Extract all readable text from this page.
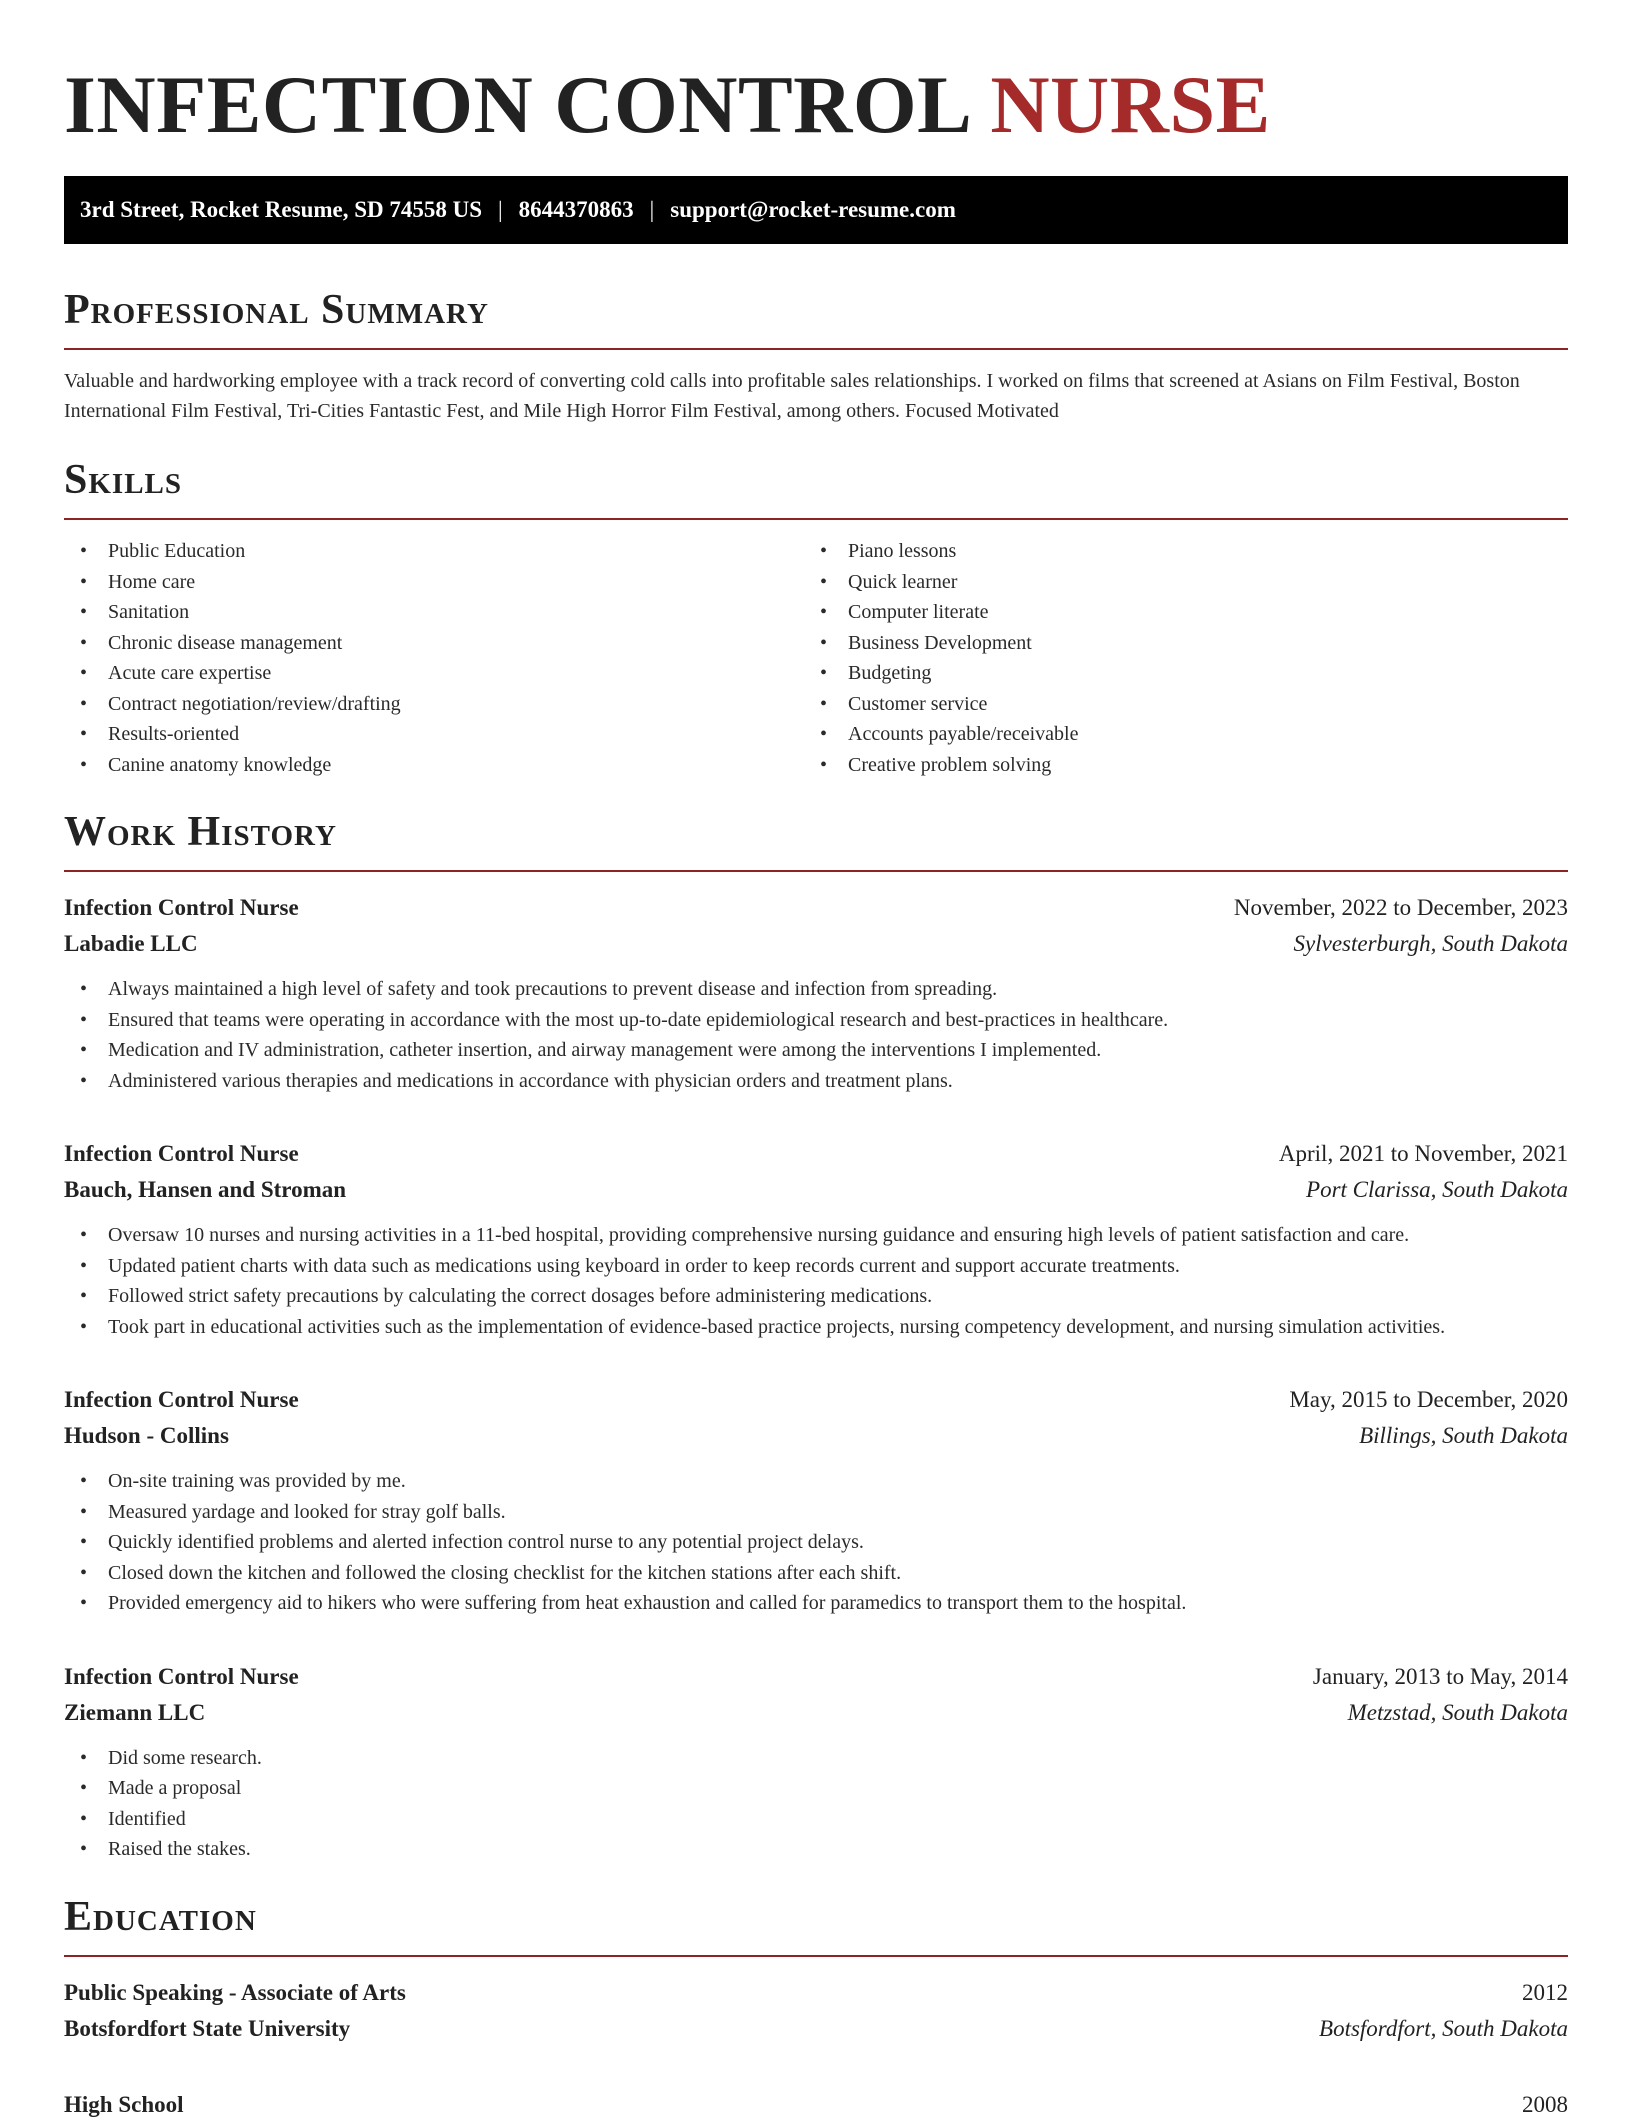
INFECTION CONTROL NURSE
3rd Street, Rocket Resume, SD 74558 US | 8644370863 | support@rocket-resume.com
Professional Summary

Valuable and hardworking employee with a track record of converting cold calls into profitable sales relationships. I worked on films that screened at Asians on Film Festival, Boston International Film Festival, Tri-Cities Fantastic Fest, and Mile High Horror Film Festival, among others. Focused Motivated

Skills
• Public Education
• Home care
• Sanitation
• Chronic disease management
• Acute care expertise
• Contract negotiation/review/drafting
• Results-oriented
• Canine anatomy knowledge
• Piano lessons
• Quick learner
• Computer literate
• Business Development
• Budgeting
• Customer service
• Accounts payable/receivable
• Creative problem solving
Work History
Infection Control Nurse	November, 2022 to December, 2023
Labadie LLC	Sylvesterburgh, South Dakota
• Always maintained a high level of safety and took precautions to prevent disease and infection from spreading.
• Ensured that teams were operating in accordance with the most up-to-date epidemiological research and best-practices in healthcare.
• Medication and IV administration, catheter insertion, and airway management were among the interventions I implemented.
• Administered various therapies and medications in accordance with physician orders and treatment plans.
Infection Control Nurse	April, 2021 to November, 2021
Bauch, Hansen and Stroman	Port Clarissa, South Dakota
• Oversaw 10 nurses and nursing activities in a 11-bed hospital, providing comprehensive nursing guidance and ensuring high levels of patient satisfaction and care.
• Updated patient charts with data such as medications using keyboard in order to keep records current and support accurate treatments.
• Followed strict safety precautions by calculating the correct dosages before administering medications.
• Took part in educational activities such as the implementation of evidence-based practice projects, nursing competency development, and nursing simulation activities.
Infection Control Nurse	May, 2015 to December, 2020
Hudson - Collins	Billings, South Dakota
• On-site training was provided by me.
• Measured yardage and looked for stray golf balls.
• Quickly identified problems and alerted infection control nurse to any potential project delays.
• Closed down the kitchen and followed the closing checklist for the kitchen stations after each shift.
• Provided emergency aid to hikers who were suffering from heat exhaustion and called for paramedics to transport them to the hospital.
Infection Control Nurse	January, 2013 to May, 2014
Ziemann LLC	Metzstad, South Dakota
• Did some research.
• Made a proposal
• Identified
• Raised the stakes.
Education
Public Speaking - Associate of Arts	2012
Botsfordfort State University	Botsfordfort, South Dakota
High School	2008
